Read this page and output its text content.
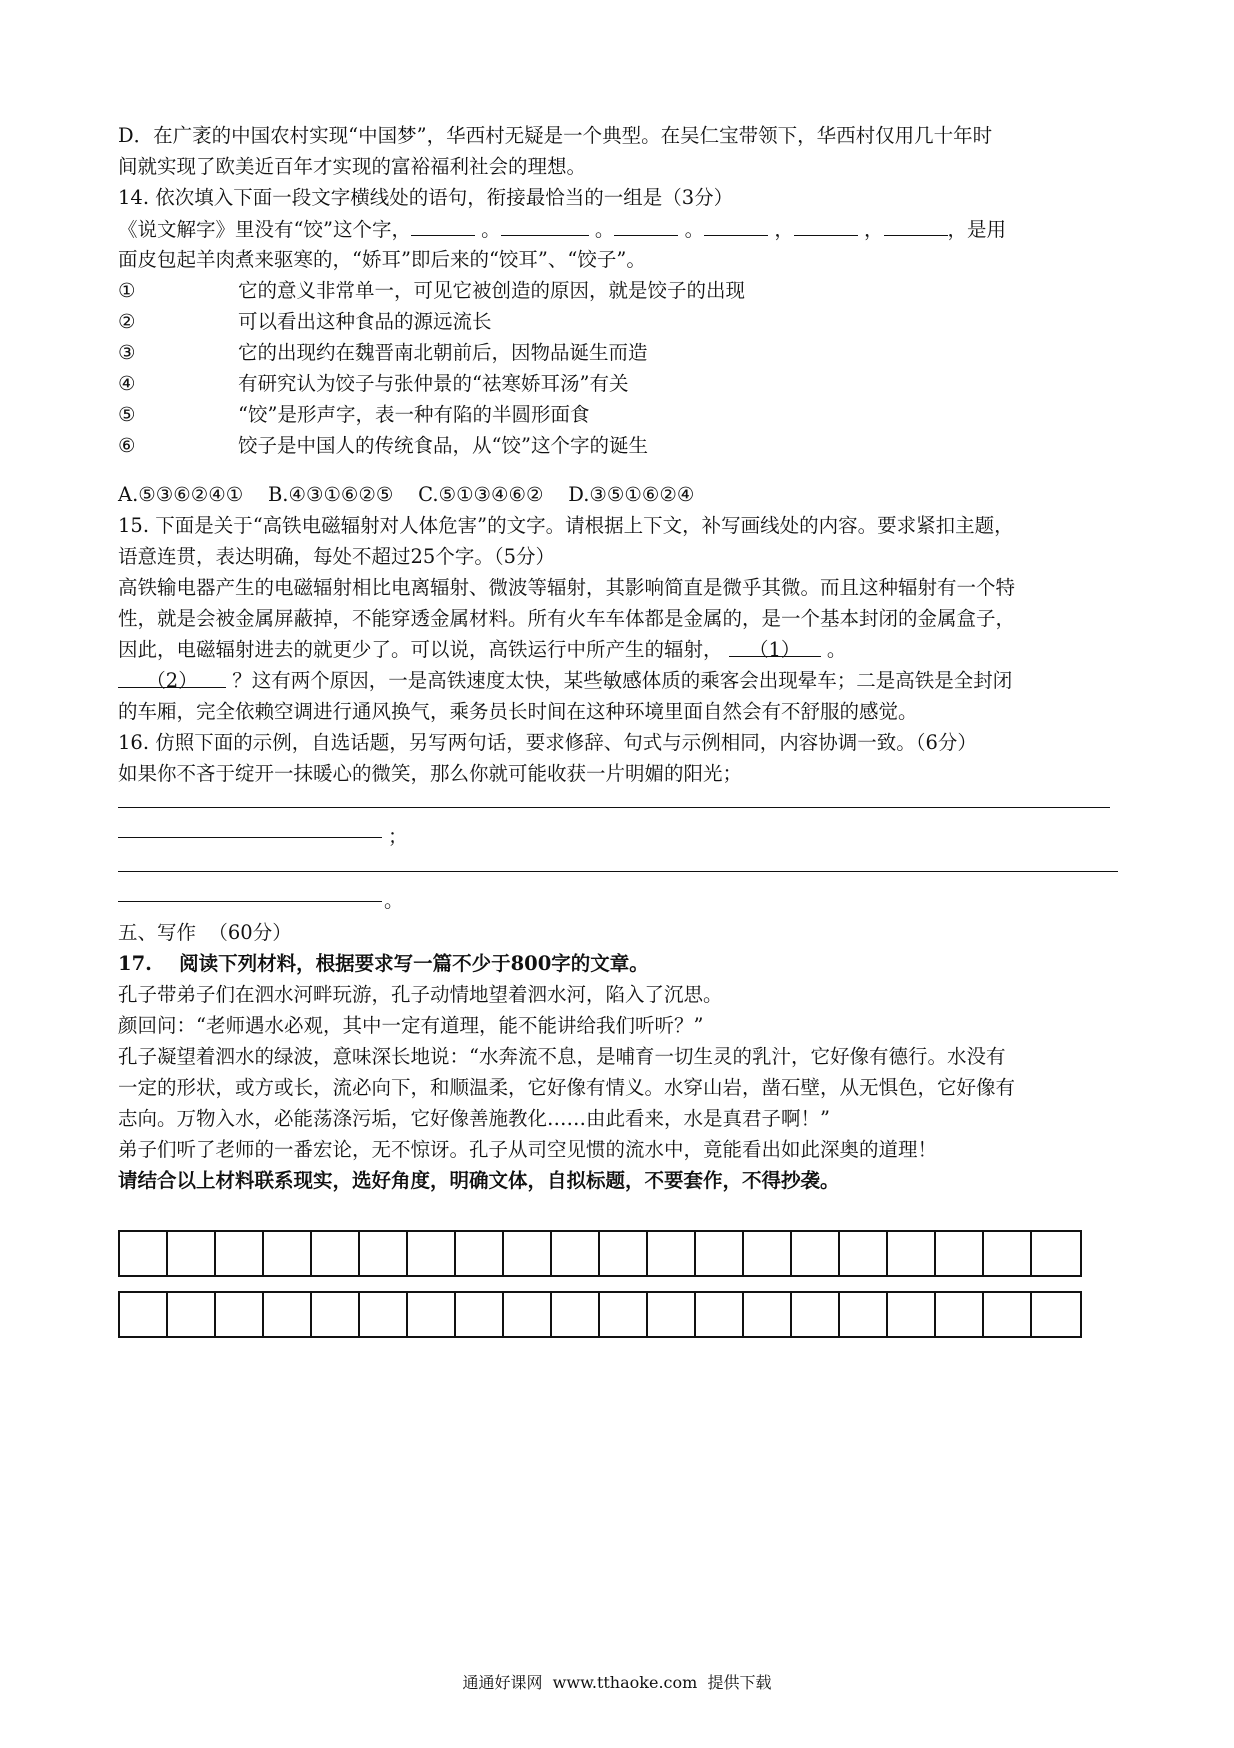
D．在广袤的中国农村实现“中国梦”，华西村无疑是一个典型。在吴仁宝带领下，华西村仅用几十年时
间就实现了欧美近百年才实现的富裕福利社会的理想。
14. 依次填入下面一段文字横线处的语句，衔接最恰当的一组是（3分）
《说文解字》里没有“饺”这个字，	。	。	。	，	，	，是用
面皮包起羊肉煮来驱寒的，“娇耳”即后来的“饺耳”、“饺子”。
①	它的意义非常单一，可见它被创造的原因，就是饺子的出现
②	可以看出这种食品的源远流长
③	它的出现约在魏晋南北朝前后，因物品诞生而造
④	有研究认为饺子与张仲景的“祛寒娇耳汤”有关
⑤	“饺”是形声字，表一种有陷的半圆形面食
⑥	饺子是中国人的传统食品，从“饺”这个字的诞生
A.⑤③⑥②④①    B.④③①⑥②⑤    C.⑤①③④⑥②    D.③⑤①⑥②④
15. 下面是关于“高铁电磁辐射对人体危害”的文字。请根据上下文，补写画线处的内容。要求紧扣主题，
语意连贯，表达明确，每处不超过25个字。（5分）
高铁输电器产生的电磁辐射相比电离辐射、微波等辐射，其影响简直是微乎其微。而且这种辐射有一个特
性，就是会被金属屏蔽掉，不能穿透金属材料。所有火车车体都是金属的，是一个基本封闭的金属盒子，
因此，电磁辐射进去的就更少了。可以说，高铁运行中所产生的辐射， （1） 。
（2） ？这有两个原因，一是高铁速度太快，某些敏感体质的乘客会出现晕车；二是高铁是全封闭
的车厢，完全依赖空调进行通风换气，乘务员长时间在这种环境里面自然会有不舒服的感觉。
16. 仿照下面的示例，自选话题，另写两句话，要求修辞、句式与示例相同，内容协调一致。（6分）
如果你不吝于绽开一抹暖心的微笑，那么你就可能收获一片明媚的阳光；
；
。
五、写作  （60分）
17.    阅读下列材料，根据要求写一篇不少于800字的文章。
孔子带弟子们在泗水河畔玩游，孔子动情地望着泗水河，陷入了沉思。
颜回问：“老师遇水必观，其中一定有道理，能不能讲给我们听听？”
孔子凝望着泗水的绿波，意味深长地说：“水奔流不息，是哺育一切生灵的乳汁，它好像有德行。水没有
一定的形状，或方或长，流必向下，和顺温柔，它好像有情义。水穿山岩，凿石壁，从无惧色，它好像有
志向。万物入水，必能荡涤污垢，它好像善施教化……由此看来，水是真君子啊！”
弟子们听了老师的一番宏论，无不惊讶。孔子从司空见惯的流水中，竟能看出如此深奥的道理！
请结合以上材料联系现实，选好角度，明确文体，自拟标题，不要套作，不得抄袭。
通通好课网  www.tthaoke.com  提供下载
